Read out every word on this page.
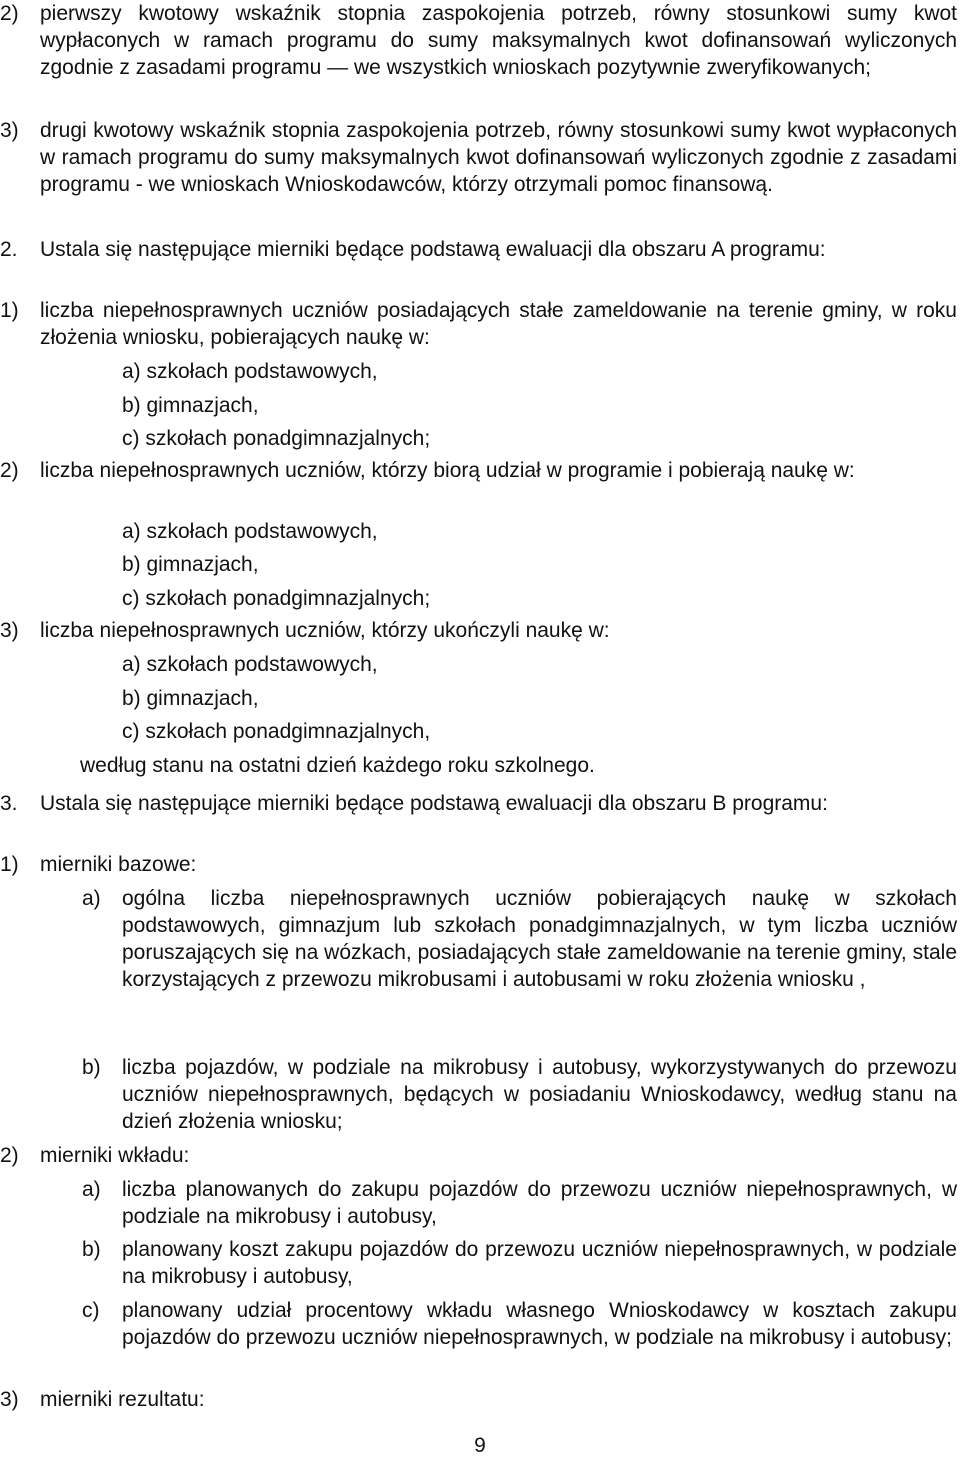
2) pierwszy kwotowy wskaźnik stopnia zaspokojenia potrzeb, równy stosunkowi sumy kwot wypłaconych w ramach programu do sumy maksymalnych kwot dofinansowań wyliczonych zgodnie z zasadami programu — we wszystkich wnioskach pozytywnie zweryfikowanych;
3) drugi kwotowy wskaźnik stopnia zaspokojenia potrzeb, równy stosunkowi sumy kwot wypłaconych w ramach programu do sumy maksymalnych kwot dofinansowań wyliczonych zgodnie z zasadami programu - we wnioskach Wnioskodawców, którzy otrzymali pomoc finansową.
2. Ustala się następujące mierniki będące podstawą ewaluacji dla obszaru A programu:
1) liczba niepełnosprawnych uczniów posiadających stałe zameldowanie na terenie gminy, w roku złożenia wniosku, pobierających naukę w:
a) szkołach podstawowych,
b) gimnazjach,
c) szkołach ponadgimnazjalnych;
2) liczba niepełnosprawnych uczniów, którzy biorą udział w programie i pobierają naukę w:
a) szkołach podstawowych,
b) gimnazjach,
c) szkołach ponadgimnazjalnych;
3) liczba niepełnosprawnych uczniów, którzy ukończyli naukę w:
a) szkołach podstawowych,
b) gimnazjach,
c) szkołach ponadgimnazjalnych,
według stanu na ostatni dzień każdego roku szkolnego.
3. Ustala się następujące mierniki będące podstawą ewaluacji dla obszaru B programu:
1) mierniki bazowe:
a) ogólna liczba niepełnosprawnych uczniów pobierających naukę w szkołach podstawowych, gimnazjum lub szkołach ponadgimnazjalnych, w tym liczba uczniów poruszających się na wózkach, posiadających stałe zameldowanie na terenie gminy, stale korzystających z przewozu mikrobusami i autobusami w roku złożenia wniosku ,
b) liczba pojazdów, w podziale na mikrobusy i autobusy, wykorzystywanych do przewozu uczniów niepełnosprawnych, będących w posiadaniu Wnioskodawcy, według stanu na dzień złożenia wniosku;
2) mierniki wkładu:
a) liczba planowanych do zakupu pojazdów do przewozu uczniów niepełnosprawnych, w podziale na mikrobusy i autobusy,
b) planowany koszt zakupu pojazdów do przewozu uczniów niepełnosprawnych, w podziale na mikrobusy i autobusy,
c) planowany udział procentowy wkładu własnego Wnioskodawcy w kosztach zakupu pojazdów do przewozu uczniów niepełnosprawnych, w podziale na mikrobusy i autobusy;
3) mierniki rezultatu:
9
